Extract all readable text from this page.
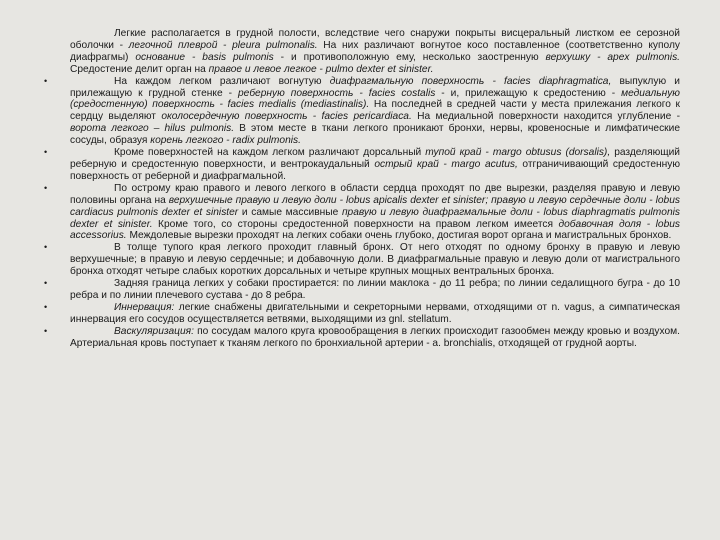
Легкие располагается в грудной полости, вследствие чего снаружи покрыты висцеральный листком ее серозной оболочки - легочной плеврой - pleura pulmonalis. На них различают вогнутое косо поставленное (соответственно куполу диафрагмы) основание - basis pulmonis - и противоположную ему, несколько заостренную верхушку - apex pulmonis. Средостение делит орган на правое и левое легкое - pulmo dexter et sinister.

•	На каждом легком различают вогнутую диафрагмальную поверхность - facies diaphragmatica, выпуклую и прилежащую к грудной стенке - реберную поверхность - facies costalis - и, прилежащую к средостению - медиальную (средостенную) поверхность - facies medialis (mediastinalis). На последней в средней части у места прилежания легкого к сердцу выделяют околосердечную поверхность - facies pericardiaca. На медиальной поверхности находится углубление - ворота легкого – hilus pulmonis. В этом месте в ткани легкого проникают бронхи, нервы, кровеносные и лимфатические сосуды, образуя корень легкого - radix pulmonis.

•	Кроме поверхностей на каждом легком различают дорсальный тупой край - margo obtusus (dorsalis), разделяющий реберную и средостенную поверхности, и вентрокаудальный острый край - margo acutus, отграничивающий средостенную поверхность от реберной и диафрагмальной.

•	По острому краю правого и левого легкого в области сердца проходят по две вырезки, разделяя правую и левую половины органа на верхушечные правую и левую доли - lobus apicalis dexter et sinister; правую и левую сердечные доли - lobus cardiacus pulmonis dexter et sinister и самые массивные правую и левую диафрагмальные доли - lobus diaphragmatis pulmonis dexter et sinister. Кроме того, со стороны средостенной поверхности на правом легком имеется добавочная доля - lobus accessorius. Междолевые вырезки проходят на легких собаки очень глубоко, достигая ворот органа и магистральных бронхов.

•	В толще тупого края легкого проходит главный бронх. От него отходят по одному бронху в правую и левую верхушечные; в правую и левую сердечные; и добавочную доли. В диафрагмальные правую и левую доли от магистрального бронха отходят четыре слабых коротких дорсальных и четыре крупных мощных вентральных бронха.

•	Задняя граница легких у собаки простирается: по линии маклока - до 11 ребра; по линии седалищного бугра - до 10 ребра и по линии плечевого сустава - до 8 ребра.

•	Иннервация: легкие снабжены двигательными и секреторными нервами, отходящими от n. vagus, а симпатическая иннервация его сосудов осуществляется ветвями, выходящими из gnl. stellatum.

•	Васкуляризация: по сосудам малого круга кровообращения в легких происходит газообмен между кровью и воздухом. Артериальная кровь поступает к тканям легкого по бронхиальной артерии - a. bronchialis, отходящей от грудной аорты.
